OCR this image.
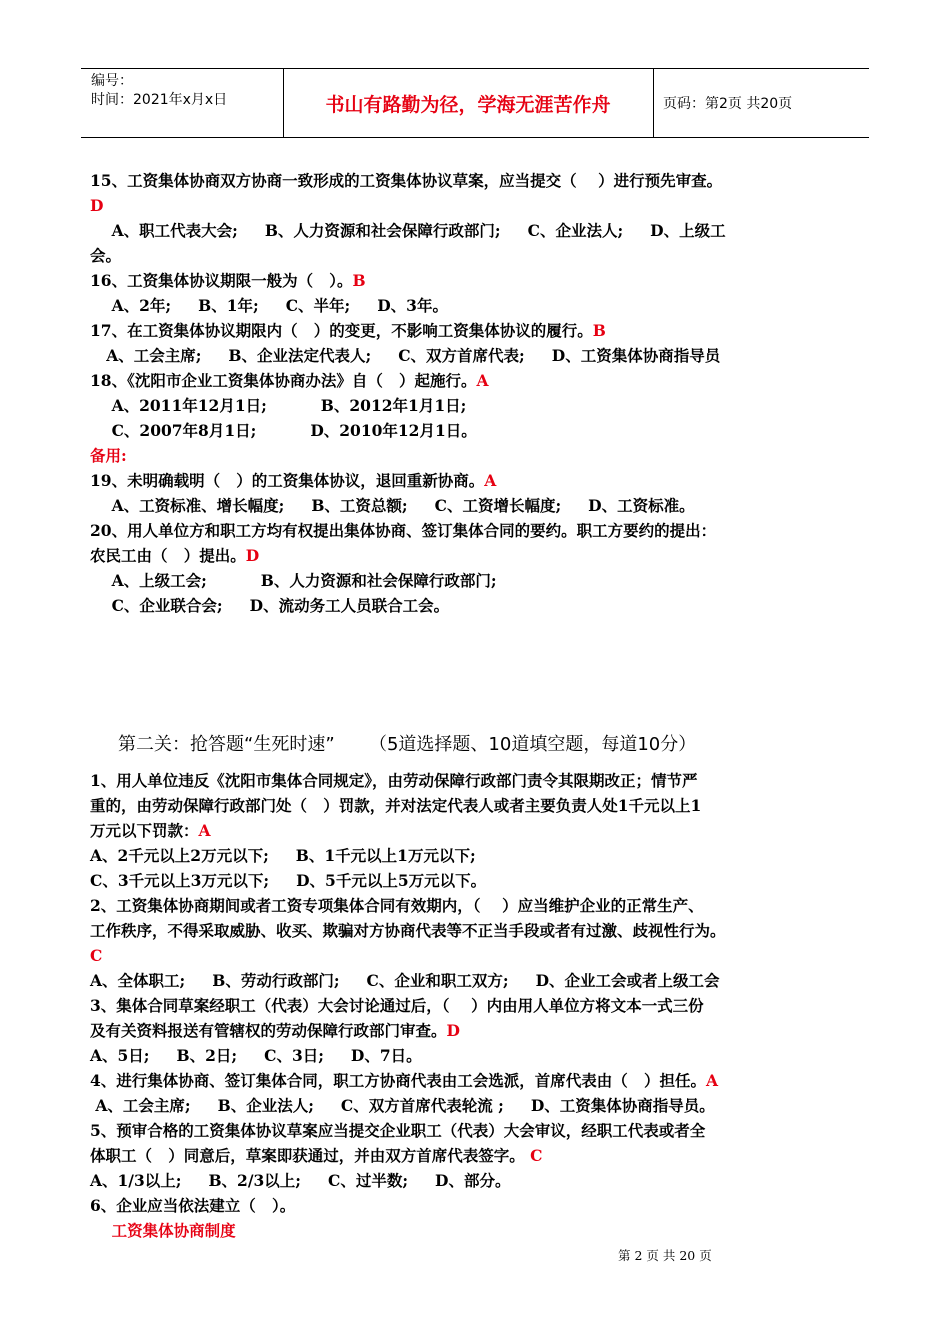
编号：
时间：2021年x月x日	书山有路勤为径，学海无涯苦作舟	页码：第2页 共20页
15、工资集体协商双方协商一致形成的工资集体协议草案，应当提交（    ）进行预先审查。
D
A、职工代表大会;     B、人力资源和社会保障行政部门;     C、企业法人;     D、上级工
会。
16、工资集体协议期限一般为（   ）。B
A、2年;     B、1年;     C、半年;     D、3年。
17、在工资集体协议期限内（   ）的变更，不影响工资集体协议的履行。B
A、工会主席;     B、企业法定代表人;     C、双方首席代表;     D、工资集体协商指导员
18、《沈阳市企业工资集体协商办法》自（   ）起施行。A
A、2011年12月1日;          B、2012年1月1日;
C、2007年8月1日;          D、2010年12月1日。
备用:
19、未明确载明（   ）的工资集体协议，退回重新协商。A
A、工资标准、增长幅度;     B、工资总额;     C、工资增长幅度;     D、工资标准。
20、用人单位方和职工方均有权提出集体协商、签订集体合同的要约。职工方要约的提出：
农民工由（   ）提出。D
A、上级工会;          B、人力资源和社会保障行政部门;
C、企业联合会;     D、流动务工人员联合工会。
第二关：抢答题“生死时速”      （5道选择题、10道填空题，每道10分）
1、用人单位违反《沈阳市集体合同规定》，由劳动保障行政部门责令其限期改正；情节严
重的，由劳动保障行政部门处（   ）罚款，并对法定代表人或者主要负责人处1千元以上1
万元以下罚款：A
A、2千元以上2万元以下;     B、1千元以上1万元以下;
C、3千元以上3万元以下;     D、5千元以上5万元以下。
2、工资集体协商期间或者工资专项集体合同有效期内，（    ）应当维护企业的正常生产、
工作秩序，不得采取威胁、收买、欺骗对方协商代表等不正当手段或者有过激、歧视性行为。
C
A、全体职工;     B、劳动行政部门;     C、企业和职工双方;     D、企业工会或者上级工会
3、集体合同草案经职工（代表）大会讨论通过后，（    ）内由用人单位方将文本一式三份
及有关资料报送有管辖权的劳动保障行政部门审查。D
A、5日;     B、2日;     C、3日;     D、7日。
4、进行集体协商、签订集体合同，职工方协商代表由工会选派，首席代表由（   ）担任。A
A、工会主席;     B、企业法人;     C、双方首席代表轮流 ;     D、工资集体协商指导员。
5、预审合格的工资集体协议草案应当提交企业职工（代表）大会审议，经职工代表或者全
体职工（   ）同意后，草案即获通过，并由双方首席代表签字。 C
A、1/3以上;     B、2/3以上;     C、过半数;     D、部分。
6、企业应当依法建立（   ）。
工资集体协商制度
第 2 页 共 20 页
